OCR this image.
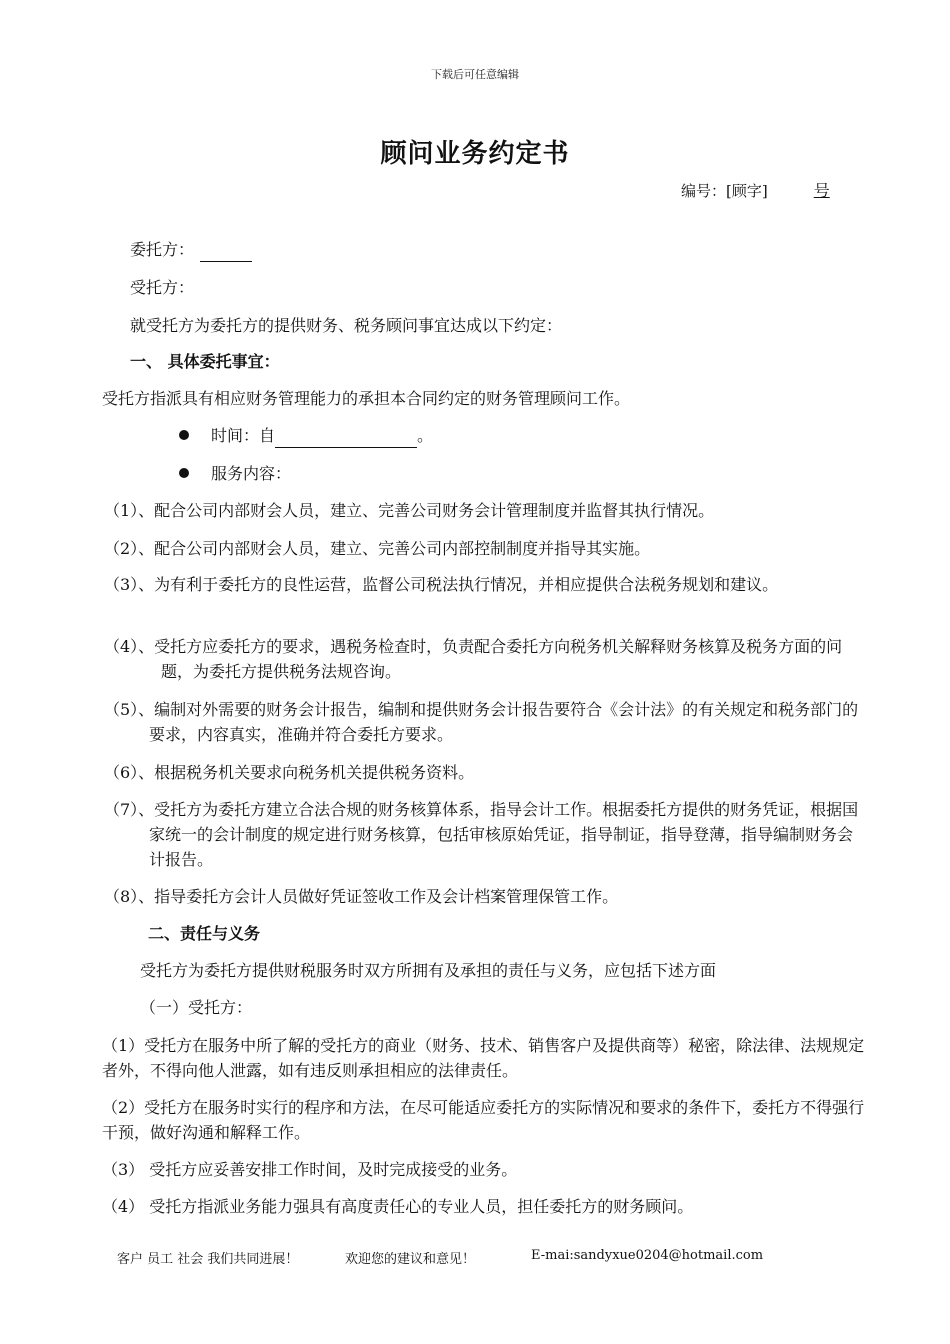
下载后可任意编辑
顾问业务约定书
编号：[顾字]	号
委托方：
受托方：
就受托方为委托方的提供财务、税务顾问事宜达成以下约定：
一、 具体委托事宜：
受托方指派具有相应财务管理能力的承担本合同约定的财务管理顾问工作。
时间：自	。
服务内容：
（1）、配合公司内部财会人员，建立、完善公司财务会计管理制度并监督其执行情况。
（2）、配合公司内部财会人员，建立、完善公司内部控制制度并指导其实施。
（3）、为有利于委托方的良性运营，监督公司税法执行情况，并相应提供合法税务规划和建议。
（4）、受托方应委托方的要求，遇税务检查时，负责配合委托方向税务机关解释财务核算及税务方面的问题，为委托方提供税务法规咨询。
（5）、编制对外需要的财务会计报告，编制和提供财务会计报告要符合《会计法》的有关规定和税务部门的要求，内容真实，准确并符合委托方要求。
（6）、根据税务机关要求向税务机关提供税务资料。
（7）、受托方为委托方建立合法合规的财务核算体系，指导会计工作。根据委托方提供的财务凭证，根据国家统一的会计制度的规定进行财务核算，包括审核原始凭证，指导制证，指导登薄，指导编制财务会计报告。
（8）、指导委托方会计人员做好凭证签收工作及会计档案管理保管工作。
二、责任与义务
受托方为委托方提供财税服务时双方所拥有及承担的责任与义务，应包括下述方面
（一）受托方：
（1）受托方在服务中所了解的受托方的商业（财务、技术、销售客户及提供商等）秘密，除法律、法规规定者外，不得向他人泄露，如有违反则承担相应的法律责任。
（2）受托方在服务时实行的程序和方法，在尽可能适应委托方的实际情况和要求的条件下，委托方不得强行干预，做好沟通和解释工作。
（3） 受托方应妥善安排工作时间，及时完成接受的业务。
（4） 受托方指派业务能力强具有高度责任心的专业人员，担任委托方的财务顾问。
客户 员工 社会 我们共同进展！	欢迎您的建议和意见！	E-mai:sandyxue0204@hotmail.com
